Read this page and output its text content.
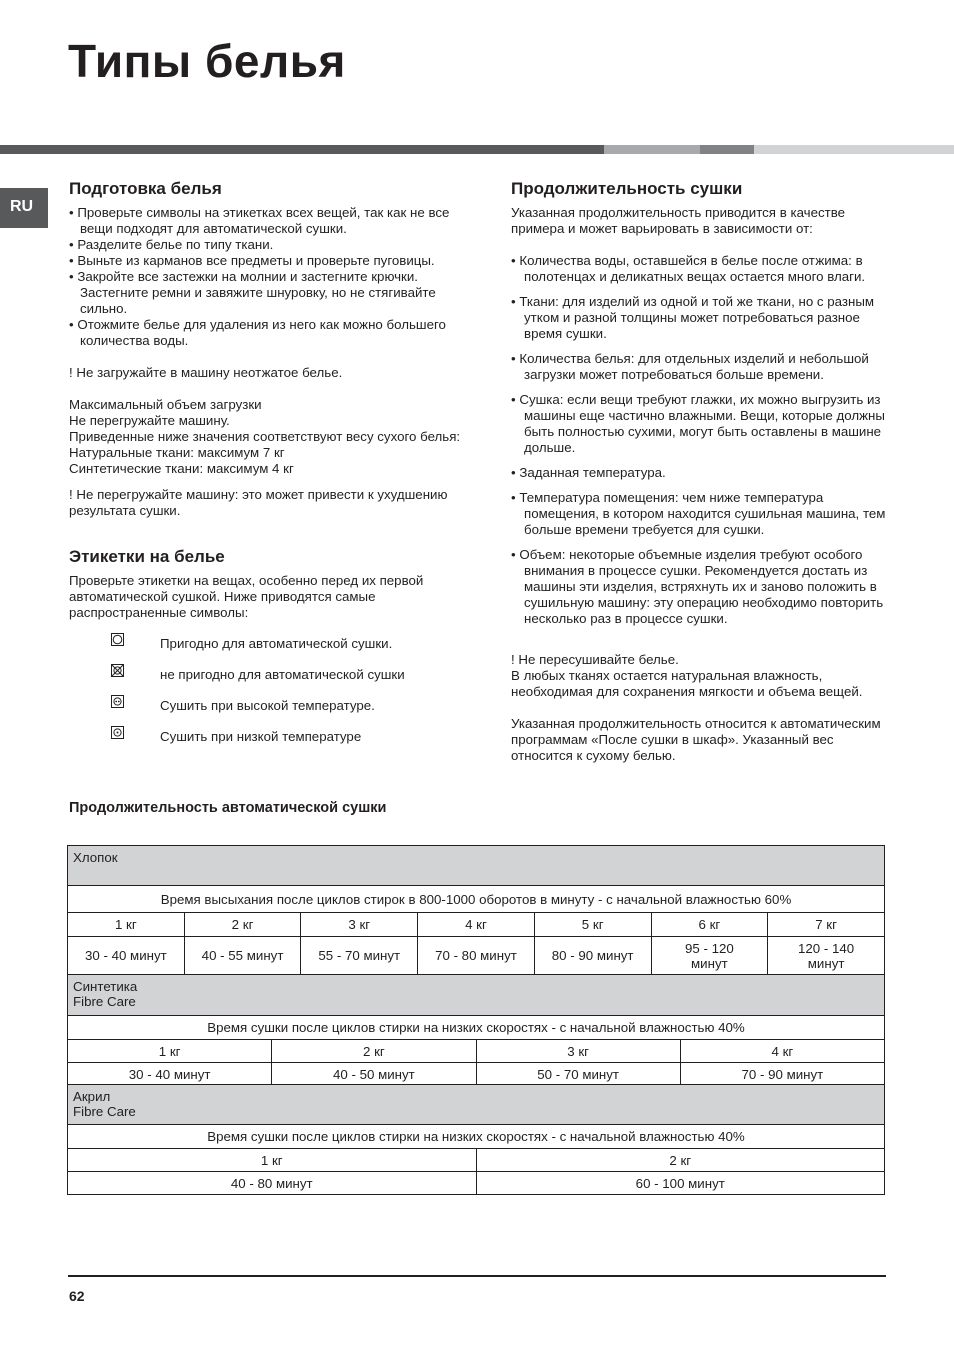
Типы белья
RU
Подготовка белья

• Проверьте символы на этикетках всех вещей, так как не все вещи подходят для автоматической сушки.

• Разделите белье по типу ткани.

• Выньте из карманов все предметы и проверьте пуговицы.

• Закройте все застежки на молнии и застегните крючки. Застегните ремни и завяжите шнуровку, но не стягивайте сильно.

• Отожмите белье для удаления из него как можно большего количества воды.

! Не загружайте в машину неотжатое белье.

Максимальный объем загрузки

Не перегружайте машину.

Приведенные ниже значения соответствуют весу сухого белья:

Натуральные ткани: максимум 7 кг

Синтетические ткани: максимум 4 кг

! Не перегружайте машину: это может привести к ухудшению результата сушки.

Этикетки на белье

Проверьте этикетки на вещах, особенно перед их первой автоматической сушкой. Ниже приводятся самые распространенные символы:

Пригодно для автоматической сушки.
не пригодно для автоматической сушки
Сушить при высокой температуре.
Сушить при низкой температуре
Продолжительность сушки

Указанная продолжительность приводится в качестве примера и может варьировать в зависимости от:

• Количества воды, оставшейся в белье после отжима: в полотенцах и деликатных вещах остается много влаги.

• Ткани: для изделий из одной и той же ткани, но с разным утком и разной толщины может потребоваться разное время сушки.

• Количества белья: для отдельных изделий и небольшой загрузки может потребоваться больше времени.

• Сушка: если вещи требуют глажки, их можно выгрузить из машины еще частично влажными. Вещи, которые должны быть полностью сухими, могут быть оставлены в машине дольше.

• Заданная температура.

• Температура помещения: чем ниже температура помещения, в котором находится сушильная машина, тем больше времени требуется для сушки.

• Объем: некоторые объемные изделия требуют особого внимания в процессе сушки. Рекомендуется достать из машины эти изделия, встряхнуть их и заново положить в сушильную машину: эту операцию необходимо повторить несколько раз в процессе сушки.

! Не пересушивайте белье.

В любых тканях остается натуральная влажность, необходимая для сохранения мягкости и объема вещей.

Указанная продолжительность относится к автоматическим программам «После сушки в шкаф». Указанный вес относится к сухому белью.

Продолжительность автоматической сушки
Хлопок						
Время высыхания после циклов стирок в 800-1000 оборотов в минуту - с начальной влажностью 60%						
1 кг	2 кг	3 кг	4 кг	5 кг	6 кг	7 кг
30 - 40 минут	40 - 55 минут	55 - 70 минут	70 - 80 минут	80 - 90 минут	95 - 120 минут	120 - 140 минут
Синтетика
Fibre Care			

Время сушки после циклов стирки на низких скоростях - с начальной влажностью 40%			
1 кг	2 кг	3 кг	4 кг
30 - 40 минут	40 - 50 минут	50 - 70 минут	70 - 90 минут
Акрил
Fibre Care	

Время сушки после циклов стирки на низких скоростях - с начальной влажностью 40%	
1 кг	2 кг
40 - 80 минут	60 - 100 минут
62
